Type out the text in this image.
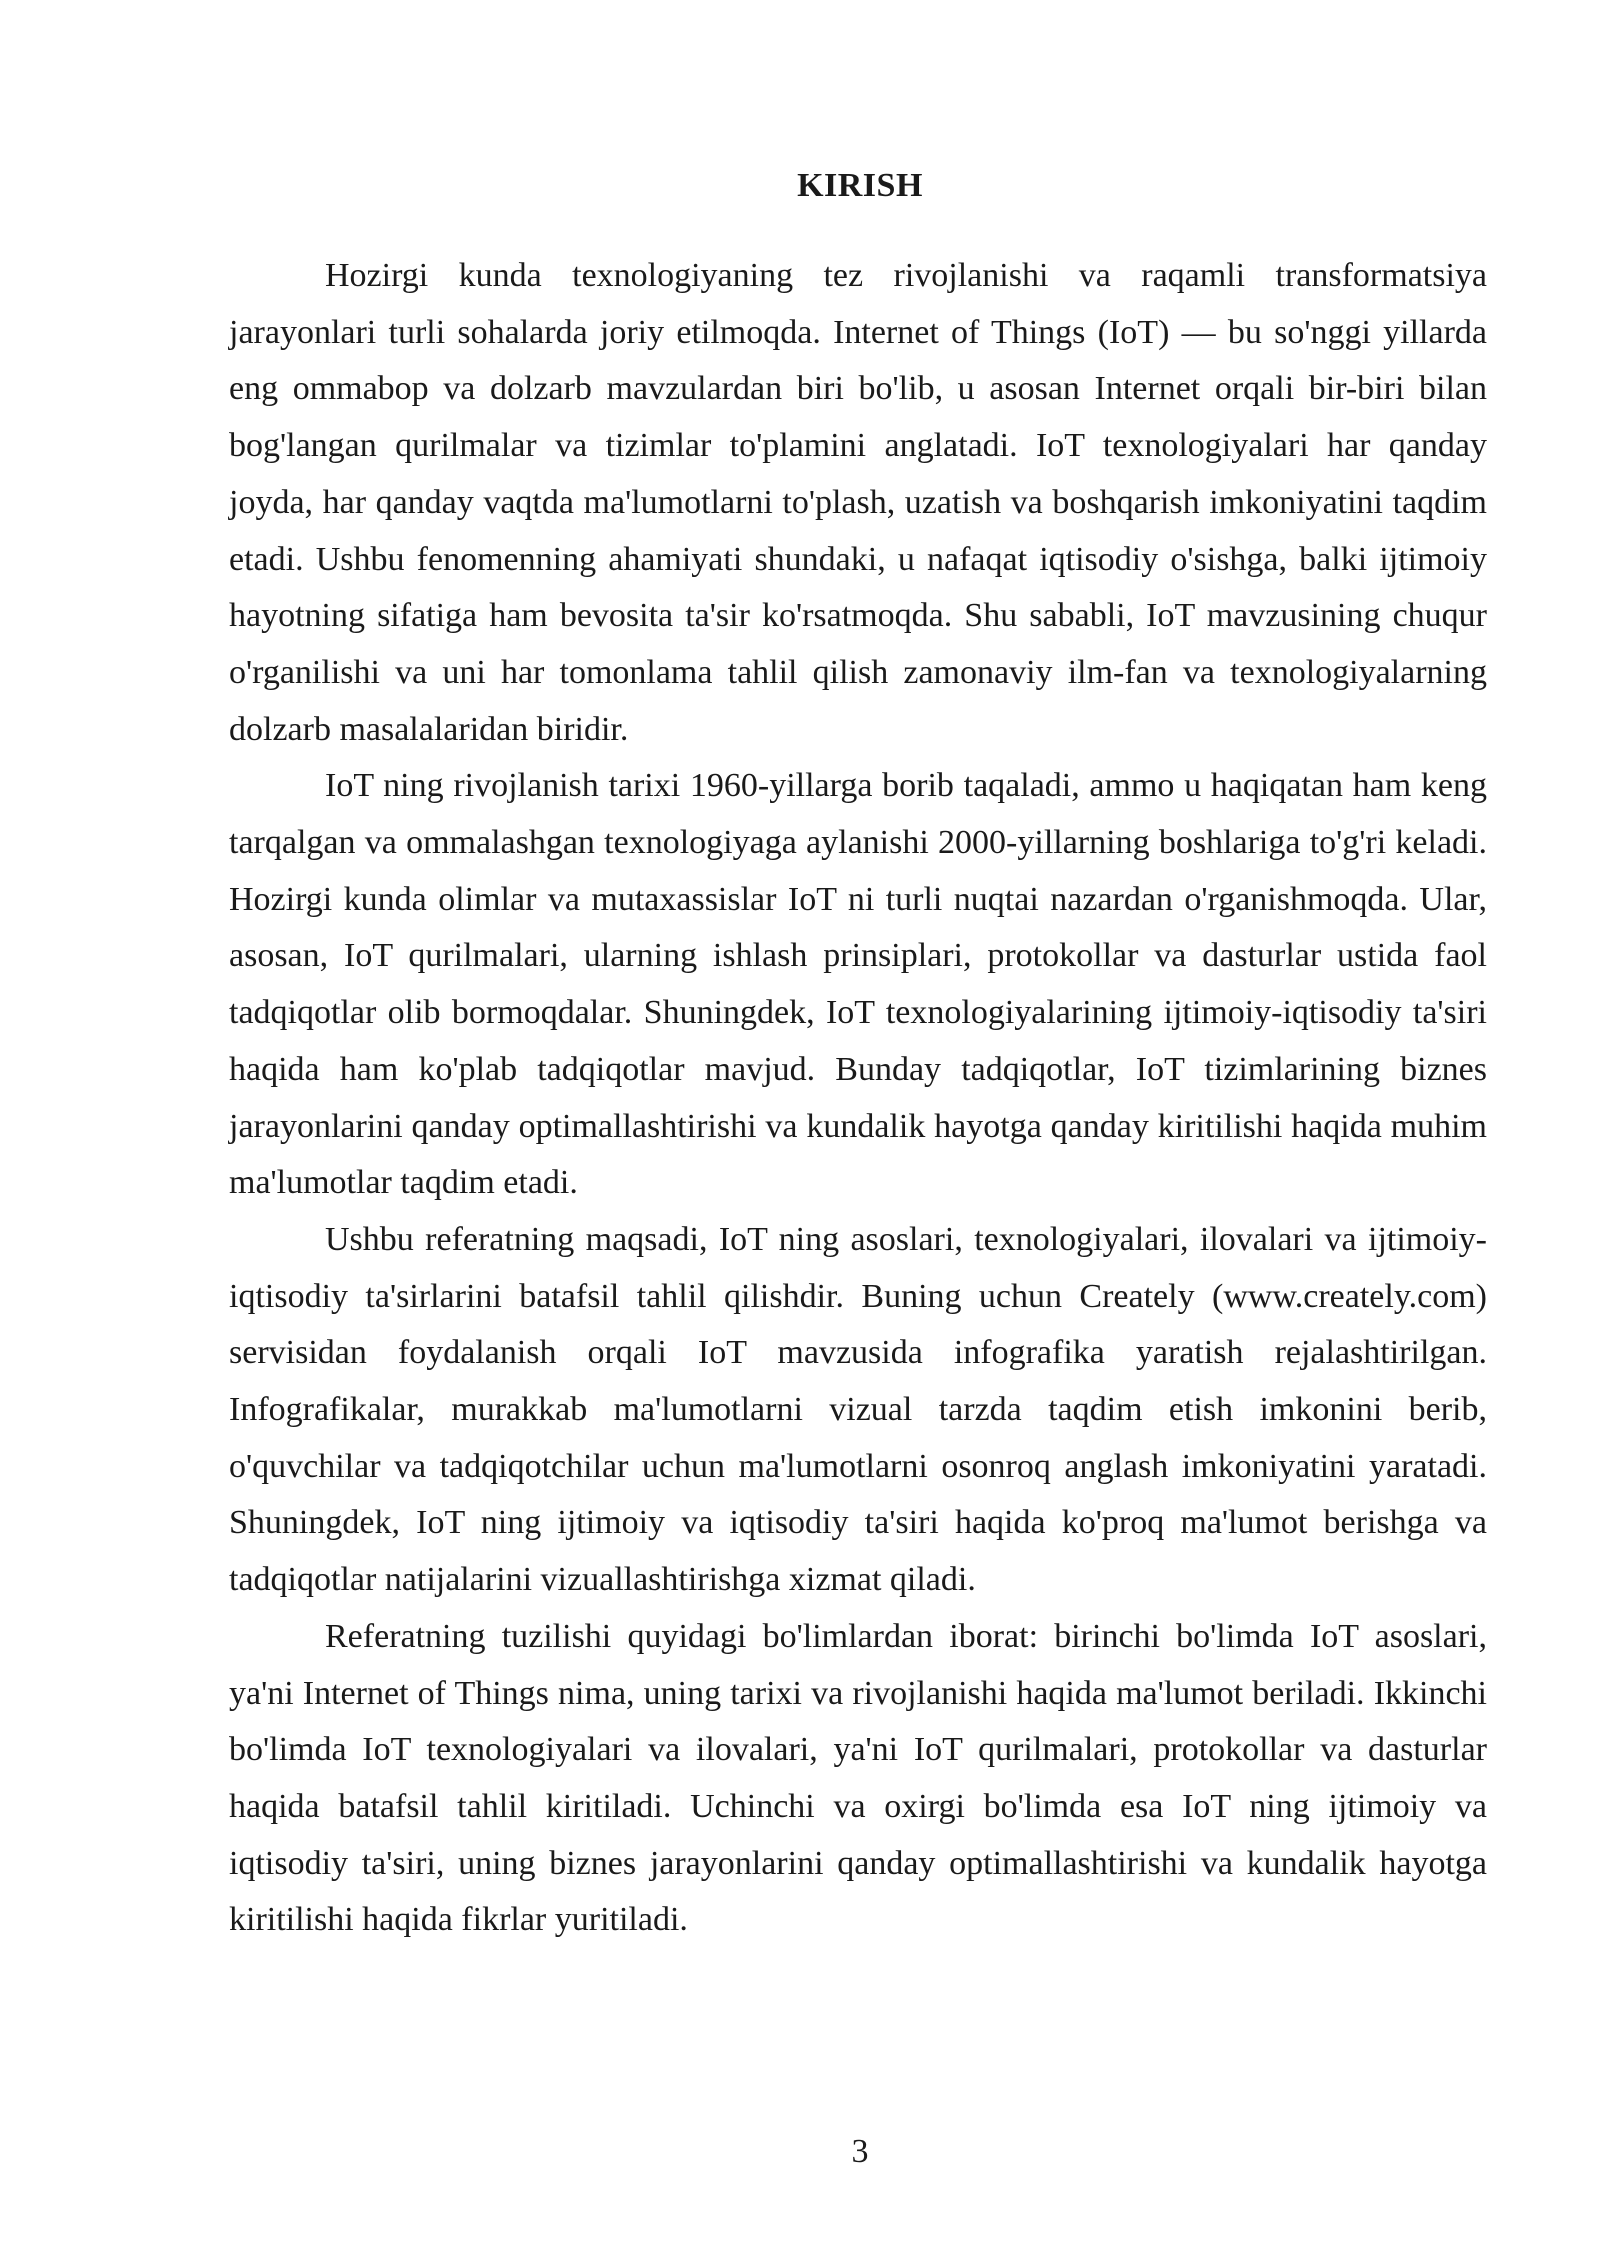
KIRISH

Hozirgi kunda texnologiyaning tez rivojlanishi va raqamli transformatsiya jarayonlari turli sohalarda joriy etilmoqda. Internet of Things (IoT) — bu so'nggi yillarda eng ommabop va dolzarb mavzulardan biri bo'lib, u asosan Internet orqali bir-biri bilan bog'langan qurilmalar va tizimlar to'plamini anglatadi. IoT texnologiyalari har qanday joyda, har qanday vaqtda ma'lumotlarni to'plash, uzatish va boshqarish imkoniyatini taqdim etadi. Ushbu fenomenning ahamiyati shundaki, u nafaqat iqtisodiy o'sishga, balki ijtimoiy hayotning sifatiga ham bevosita ta'sir ko'rsatmoqda. Shu sababli, IoT mavzusining chuqur o'rganilishi va uni har tomonlama tahlil qilish zamonaviy ilm-fan va texnologiyalarning dolzarb masalalaridan biridir.

IoT ning rivojlanish tarixi 1960-yillarga borib taqaladi, ammo u haqiqatan ham keng tarqalgan va ommalashgan texnologiyaga aylanishi 2000-yillarning boshlariga to'g'ri keladi. Hozirgi kunda olimlar va mutaxassislar IoT ni turli nuqtai nazardan o'rganishmoqda. Ular, asosan, IoT qurilmalari, ularning ishlash prinsiplari, protokollar va dasturlar ustida faol tadqiqotlar olib bormoqdalar. Shuningdek, IoT texnologiyalarining ijtimoiy-iqtisodiy ta'siri haqida ham ko'plab tadqiqotlar mavjud. Bunday tadqiqotlar, IoT tizimlarining biznes jarayonlarini qanday optimallashtirishi va kundalik hayotga qanday kiritilishi haqida muhim ma'lumotlar taqdim etadi.

Ushbu referatning maqsadi, IoT ning asoslari, texnologiyalari, ilovalari va ijtimoiy-iqtisodiy ta'sirlarini batafsil tahlil qilishdir. Buning uchun Creately (www.creately.com) servisidan foydalanish orqali IoT mavzusida infografika yaratish rejalashtirilgan. Infografikalar, murakkab ma'lumotlarni vizual tarzda taqdim etish imkonini berib, o'quvchilar va tadqiqotchilar uchun ma'lumotlarni osonroq anglash imkoniyatini yaratadi. Shuningdek, IoT ning ijtimoiy va iqtisodiy ta'siri haqida ko'proq ma'lumot berishga va tadqiqotlar natijalarini vizuallashtirishga xizmat qiladi.

Referatning tuzilishi quyidagi bo'limlardan iborat: birinchi bo'limda IoT asoslari, ya'ni Internet of Things nima, uning tarixi va rivojlanishi haqida ma'lumot beriladi. Ikkinchi bo'limda IoT texnologiyalari va ilovalari, ya'ni IoT qurilmalari, protokollar va dasturlar haqida batafsil tahlil kiritiladi. Uchinchi va oxirgi bo'limda esa IoT ning ijtimoiy va iqtisodiy ta'siri, uning biznes jarayonlarini qanday optimallashtirishi va kundalik hayotga kiritilishi haqida fikrlar yuritiladi.

3
